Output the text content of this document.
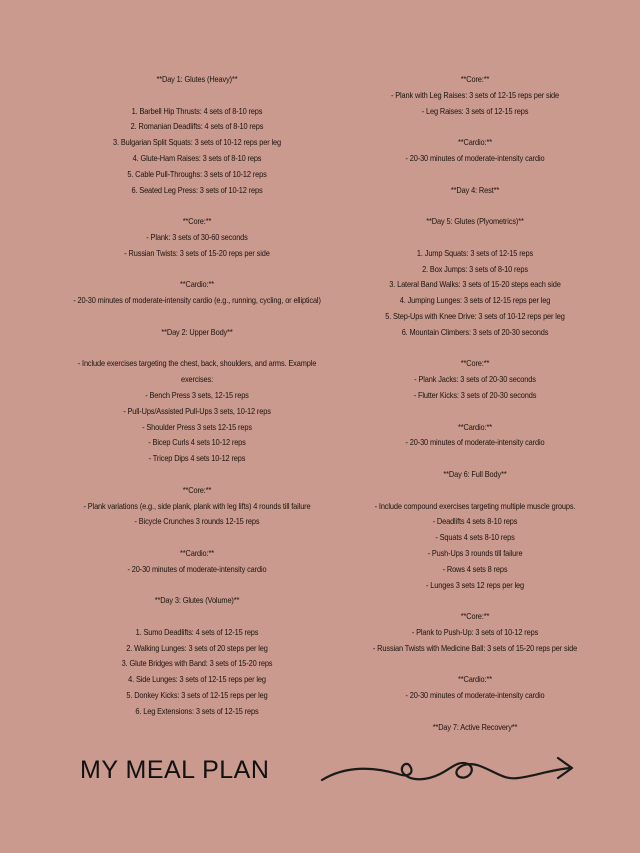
**Day 1: Glutes (Heavy)**
1. Barbell Hip Thrusts: 4 sets of 8-10 reps
2. Romanian Deadlifts: 4 sets of 8-10 reps
3. Bulgarian Split Squats: 3 sets of 10-12 reps per leg
4. Glute-Ham Raises: 3 sets of 8-10 reps
5. Cable Pull-Throughs: 3 sets of 10-12 reps
6. Seated Leg Press: 3 sets of 10-12 reps
**Core:**
- Plank: 3 sets of 30-60 seconds
- Russian Twists: 3 sets of 15-20 reps per side
**Cardio:**
- 20-30 minutes of moderate-intensity cardio (e.g., running, cycling, or elliptical)
**Day 2: Upper Body**
- Include exercises targeting the chest, back, shoulders, and arms. Example
exercises:
- Bench Press 3 sets, 12-15 reps
- Pull-Ups/Assisted Pull-Ups 3 sets, 10-12 reps
- Shoulder Press 3 sets 12-15 reps
- Bicep Curls 4 sets 10-12 reps
- Tricep Dips 4 sets 10-12 reps
**Core:**
- Plank variations (e.g., side plank, plank with leg lifts) 4 rounds till failure
- Bicycle Crunches 3 rounds 12-15 reps
**Cardio:**
- 20-30 minutes of moderate-intensity cardio
**Day 3: Glutes (Volume)**
1. Sumo Deadlifts: 4 sets of 12-15 reps
2. Walking Lunges: 3 sets of 20 steps per leg
3. Glute Bridges with Band: 3 sets of 15-20 reps
4. Side Lunges: 3 sets of 12-15 reps per leg
5. Donkey Kicks: 3 sets of 12-15 reps per leg
6. Leg Extensions: 3 sets of 12-15 reps
**Core:**
- Plank with Leg Raises: 3 sets of 12-15 reps per side
- Leg Raises: 3 sets of 12-15 reps
**Cardio:**
- 20-30 minutes of moderate-intensity cardio
**Day 4: Rest**
**Day 5: Glutes (Plyometrics)**
1. Jump Squats: 3 sets of 12-15 reps
2. Box Jumps: 3 sets of 8-10 reps
3. Lateral Band Walks: 3 sets of 15-20 steps each side
4. Jumping Lunges: 3 sets of 12-15 reps per leg
5. Step-Ups with Knee Drive: 3 sets of 10-12 reps per leg
6. Mountain Climbers: 3 sets of 20-30 seconds
**Core:**
- Plank Jacks: 3 sets of 20-30 seconds
- Flutter Kicks: 3 sets of 20-30 seconds
**Cardio:**
- 20-30 minutes of moderate-intensity cardio
**Day 6: Full Body**
- Include compound exercises targeting multiple muscle groups.
- Deadlifts 4 sets 8-10 reps
- Squats 4 sets 8-10 reps
- Push-Ups 3 rounds till failure
- Rows 4 sets 8 reps
- Lunges 3 sets 12 reps per leg
**Core:**
- Plank to Push-Up: 3 sets of 10-12 reps
- Russian Twists with Medicine Ball: 3 sets of 15-20 reps per side
**Cardio:**
- 20-30 minutes of moderate-intensity cardio
**Day 7: Active Recovery**
MY MEAL PLAN
